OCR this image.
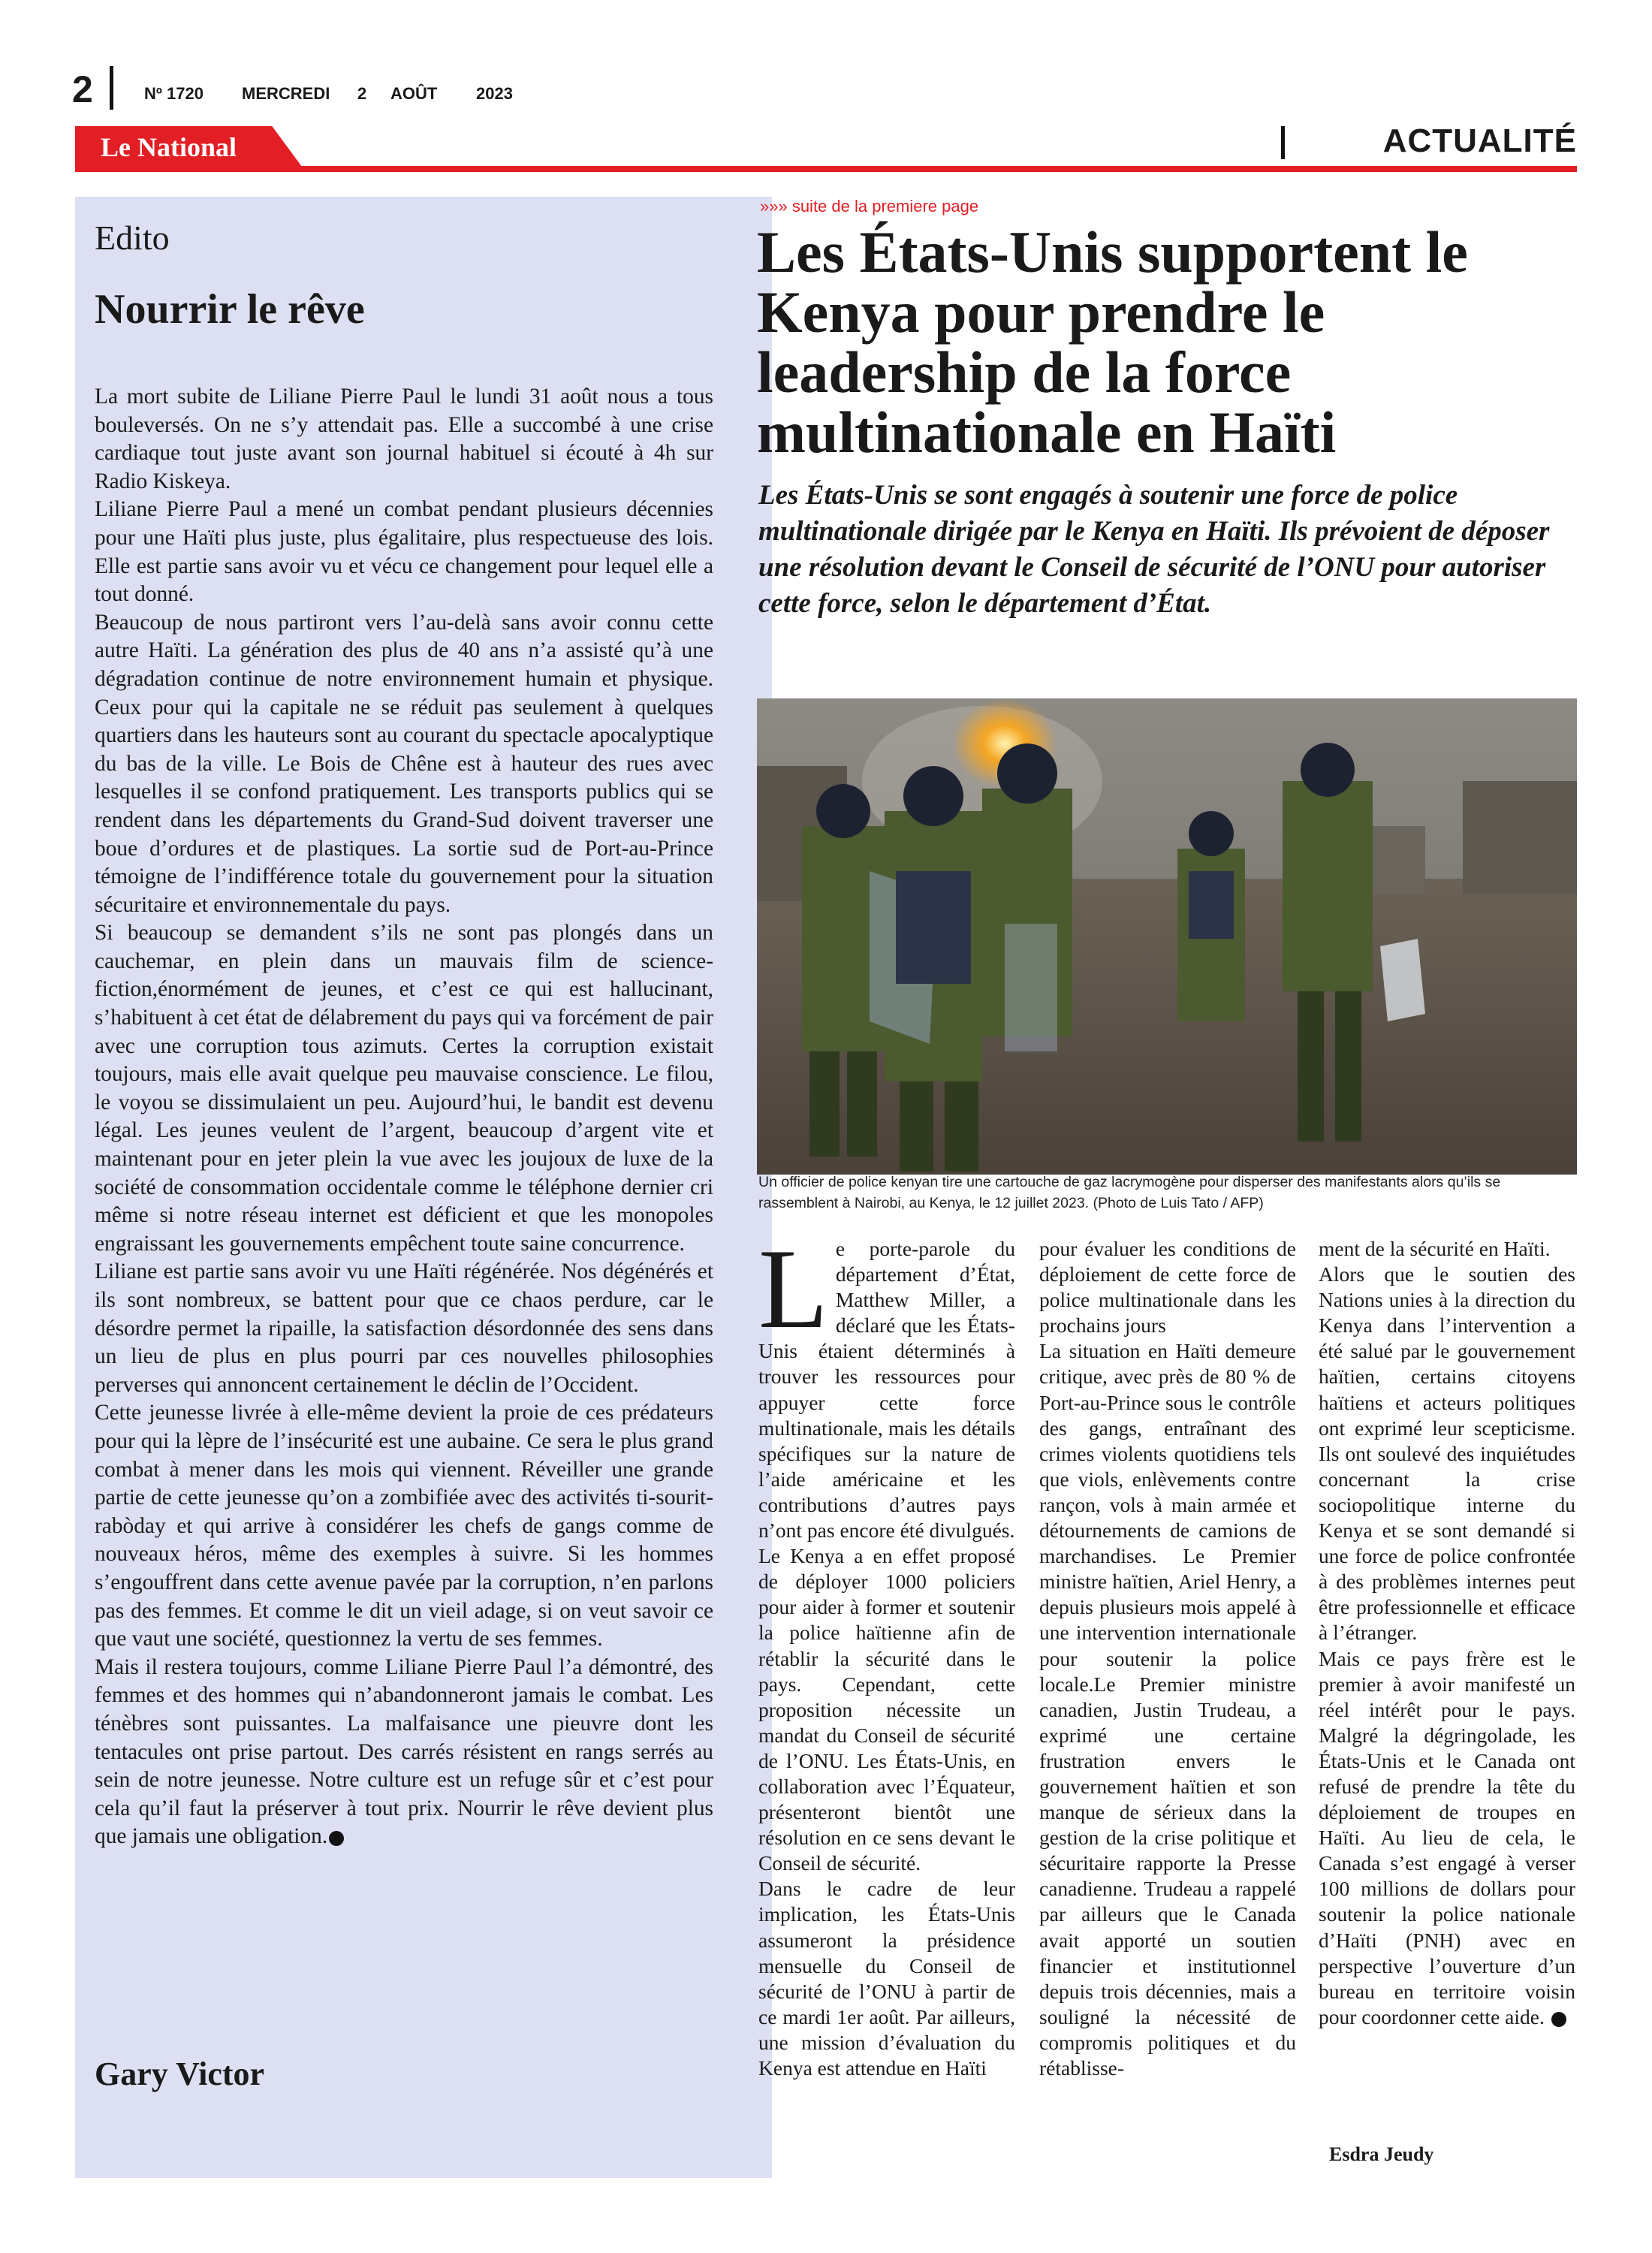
2	Nº 1720 MERCREDI 2 AOÛT 2023
Le National	ACTUALITÉ
Edito
Nourrir le rêve

La mort subite de Liliane Pierre Paul le lundi 31 août nous a tous bouleversés. On ne s’y attendait pas. Elle a succombé à une crise cardiaque tout juste avant son journal habituel si écouté à 4h sur Radio Kiskeya.

Liliane Pierre Paul a mené un combat pendant plusieurs décennies pour une Haïti plus juste, plus égalitaire, plus respectueuse des lois. Elle est partie sans avoir vu et vécu ce changement pour lequel elle a tout donné.

Beaucoup de nous partiront vers l’au-delà sans avoir connu cette autre Haïti. La génération des plus de 40 ans n’a assisté qu’à une dégradation continue de notre environnement humain et physique. Ceux pour qui la capitale ne se réduit pas seulement à quelques quartiers dans les hauteurs sont au courant du spectacle apocalyptique du bas de la ville. Le Bois de Chêne est à hauteur des rues avec lesquelles il se confond pratiquement. Les transports publics qui se rendent dans les départements du Grand-Sud doivent traverser une boue d’ordures et de plastiques. La sortie sud de Port-au-Prince témoigne de l’indifférence totale du gouvernement pour la situation sécuritaire et environnementale du pays.

Si beaucoup se demandent s’ils ne sont pas plongés dans un cauchemar, en plein dans un mauvais film de science-fiction,énormément de jeunes, et c’est ce qui est hallucinant, s’habituent à cet état de délabrement du pays qui va forcément de pair avec une corruption tous azimuts. Certes la corruption existait toujours, mais elle avait quelque peu mauvaise conscience. Le filou, le voyou se dissimulaient un peu. Aujourd’hui, le bandit est devenu légal. Les jeunes veulent de l’argent, beaucoup d’argent vite et maintenant pour en jeter plein la vue avec les joujoux de luxe de la société de consommation occidentale comme le téléphone dernier cri même si notre réseau internet est déficient et que les monopoles engraissant les gouvernements empêchent toute saine concurrence.

Liliane est partie sans avoir vu une Haïti régénérée. Nos dégénérés et ils sont nombreux, se battent pour que ce chaos perdure, car le désordre permet la ripaille, la satisfaction désordonnée des sens dans un lieu de plus en plus pourri par ces nouvelles philosophies perverses qui annoncent certainement le déclin de l’Occident.

Cette jeunesse livrée à elle-même devient la proie de ces prédateurs pour qui la lèpre de l’insécurité est une aubaine. Ce sera le plus grand combat à mener dans les mois qui viennent. Réveiller une grande partie de cette jeunesse qu’on a zombifiée avec des activités ti-sourit-rabòday et qui arrive à considérer les chefs de gangs comme de nouveaux héros, même des exemples à suivre. Si les hommes s’engouffrent dans cette avenue pavée par la corruption, n’en parlons pas des femmes. Et comme le dit un vieil adage, si on veut savoir ce que vaut une société, questionnez la vertu de ses femmes.

Mais il restera toujours, comme Liliane Pierre Paul l’a démontré, des femmes et des hommes qui n’abandonneront jamais le combat. Les ténèbres sont puissantes. La malfaisance une pieuvre dont les tentacules ont prise partout. Des carrés résistent en rangs serrés au sein de notre jeunesse. Notre culture est un refuge sûr et c’est pour cela qu’il faut la préserver à tout prix. Nourrir le rêve devient plus que jamais une obligation.

Gary Victor
»»» suite de la premiere page
Les États-Unis supportent le Kenya pour prendre le leadership de la force multinationale en Haïti

Les États-Unis se sont engagés à soutenir une force de police multinationale dirigée par le Kenya en Haïti. Ils prévoient de déposer une résolution devant le Conseil de sécurité de l’ONU pour autoriser cette force, selon le département d’État.

Un officier de police kenyan tire une cartouche de gaz lacrymogène pour disperser des manifestants alors qu’ils se rassemblent à Nairobi, au Kenya, le 12 juillet 2023. (Photo de Luis Tato / AFP)
L e porte-parole du département d’État, Matthew Miller, a déclaré que les États-Unis étaient déterminés à trouver les ressources pour appuyer cette force multinationale, mais les détails spécifiques sur la nature de l’aide américaine et les contributions d’autres pays n’ont pas encore été divulgués.

Le Kenya a en effet proposé de déployer 1000 policiers pour aider à former et soutenir la police haïtienne afin de rétablir la sécurité dans le pays. Cependant, cette proposition nécessite un mandat du Conseil de sécurité de l’ONU. Les États-Unis, en collaboration avec l’Équateur, présenteront bientôt une résolution en ce sens devant le Conseil de sécurité.

Dans le cadre de leur implication, les États-Unis assumeront la présidence mensuelle du Conseil de sécurité de l’ONU à partir de ce mardi 1er août. Par ailleurs, une mission d’évaluation du Kenya est attendue en Haïti

pour évaluer les conditions de déploiement de cette force de police multinationale dans les prochains jours

La situation en Haïti demeure critique, avec près de 80 % de Port-au-Prince sous le contrôle des gangs, entraînant des crimes violents quotidiens tels que viols, enlèvements contre rançon, vols à main armée et détournements de camions de marchandises. Le Premier ministre haïtien, Ariel Henry, a depuis plusieurs mois appelé à une intervention internationale pour soutenir la police locale.Le Premier ministre canadien, Justin Trudeau, a exprimé une certaine frustration envers le gouvernement haïtien et son manque de sérieux dans la gestion de la crise politique et sécuritaire rapporte la Presse canadienne. Trudeau a rappelé par ailleurs que le Canada avait apporté un soutien financier et institutionnel depuis trois décennies, mais a souligné la nécessité de compromis politiques et du rétablisse-

ment de la sécurité en Haïti.

Alors que le soutien des Nations unies à la direction du Kenya dans l’intervention a été salué par le gouvernement haïtien, certains citoyens haïtiens et acteurs politiques ont exprimé leur scepticisme. Ils ont soulevé des inquiétudes concernant la crise sociopolitique interne du Kenya et se sont demandé si une force de police confrontée à des problèmes internes peut être professionnelle et efficace à l’étranger.

Mais ce pays frère est le premier à avoir manifesté un réel intérêt pour le pays. Malgré la dégringolade, les États-Unis et le Canada ont refusé de prendre la tête du déploiement de troupes en Haïti. Au lieu de cela, le Canada s’est engagé à verser 100 millions de dollars pour soutenir la police nationale d’Haïti (PNH) avec en perspective l’ouverture d’un bureau en territoire voisin pour coordonner cette aide.

Esdra Jeudy
